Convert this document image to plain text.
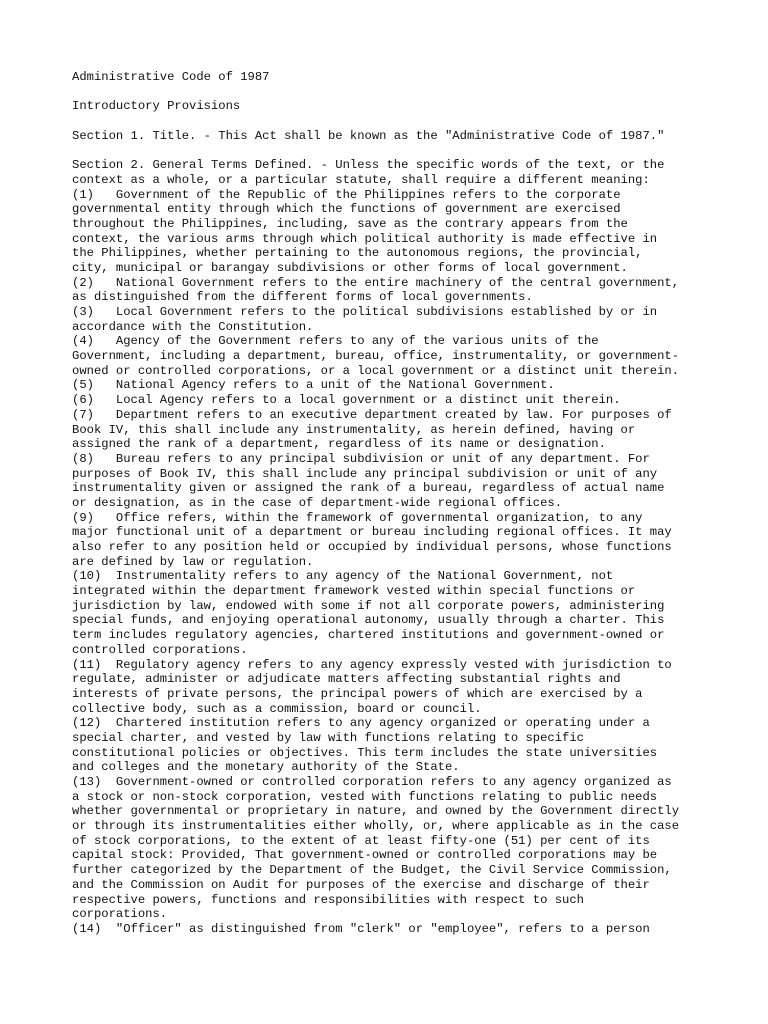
Administrative Code of 1987
Introductory Provisions
Section 1. Title. - This Act shall be known as the "Administrative Code of 1987."
Section 2. General Terms Defined. - Unless the specific words of the text, or the
context as a whole, or a particular statute, shall require a different meaning:
(1)   Government of the Republic of the Philippines refers to the corporate
governmental entity through which the functions of government are exercised
throughout the Philippines, including, save as the contrary appears from the
context, the various arms through which political authority is made effective in
the Philippines, whether pertaining to the autonomous regions, the provincial,
city, municipal or barangay subdivisions or other forms of local government.
(2)   National Government refers to the entire machinery of the central government,
as distinguished from the different forms of local governments.
(3)   Local Government refers to the political subdivisions established by or in
accordance with the Constitution.
(4)   Agency of the Government refers to any of the various units of the
Government, including a department, bureau, office, instrumentality, or government-
owned or controlled corporations, or a local government or a distinct unit therein.
(5)   National Agency refers to a unit of the National Government.
(6)   Local Agency refers to a local government or a distinct unit therein.
(7)   Department refers to an executive department created by law. For purposes of
Book IV, this shall include any instrumentality, as herein defined, having or
assigned the rank of a department, regardless of its name or designation.
(8)   Bureau refers to any principal subdivision or unit of any department. For
purposes of Book IV, this shall include any principal subdivision or unit of any
instrumentality given or assigned the rank of a bureau, regardless of actual name
or designation, as in the case of department-wide regional offices.
(9)   Office refers, within the framework of governmental organization, to any
major functional unit of a department or bureau including regional offices. It may
also refer to any position held or occupied by individual persons, whose functions
are defined by law or regulation.
(10)  Instrumentality refers to any agency of the National Government, not
integrated within the department framework vested within special functions or
jurisdiction by law, endowed with some if not all corporate powers, administering
special funds, and enjoying operational autonomy, usually through a charter. This
term includes regulatory agencies, chartered institutions and government-owned or
controlled corporations.
(11)  Regulatory agency refers to any agency expressly vested with jurisdiction to
regulate, administer or adjudicate matters affecting substantial rights and
interests of private persons, the principal powers of which are exercised by a
collective body, such as a commission, board or council.
(12)  Chartered institution refers to any agency organized or operating under a
special charter, and vested by law with functions relating to specific
constitutional policies or objectives. This term includes the state universities
and colleges and the monetary authority of the State.
(13)  Government-owned or controlled corporation refers to any agency organized as
a stock or non-stock corporation, vested with functions relating to public needs
whether governmental or proprietary in nature, and owned by the Government directly
or through its instrumentalities either wholly, or, where applicable as in the case
of stock corporations, to the extent of at least fifty-one (51) per cent of its
capital stock: Provided, That government-owned or controlled corporations may be
further categorized by the Department of the Budget, the Civil Service Commission,
and the Commission on Audit for purposes of the exercise and discharge of their
respective powers, functions and responsibilities with respect to such
corporations.
(14)  "Officer" as distinguished from "clerk" or "employee", refers to a person
